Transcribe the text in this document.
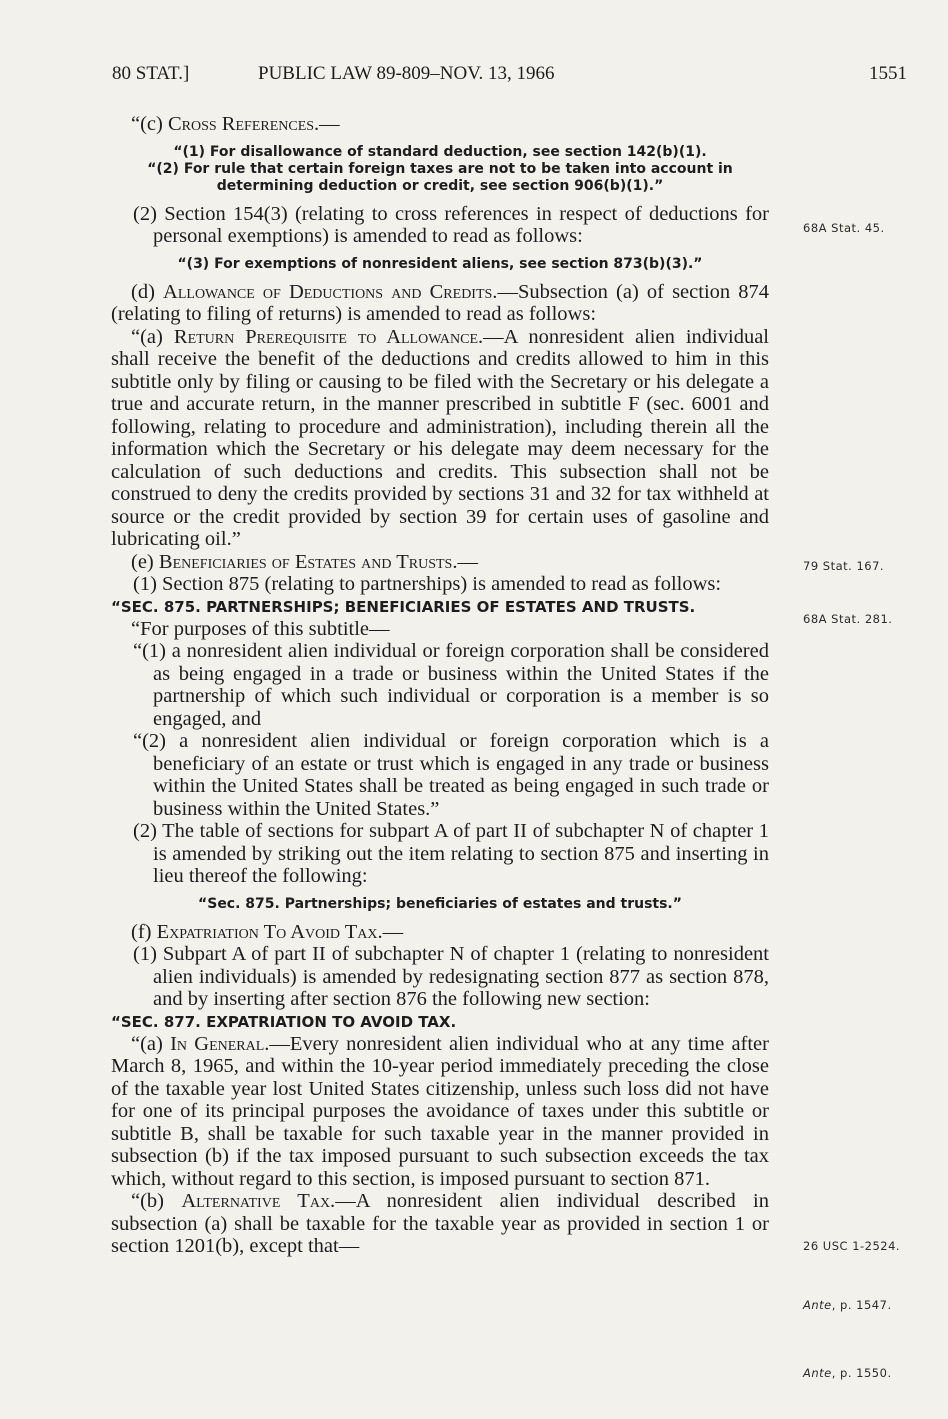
80 STAT.]	PUBLIC LAW 89-809–NOV. 13, 1966	1551

“(c) Cross References.—

“(1) For disallowance of standard deduction, see section 142(b)(1).
“(2) For rule that certain foreign taxes are not to be taken into account in determining deduction or credit, see section 906(b)(1).”

(2) Section 154(3) (relating to cross references in respect of deductions for personal exemptions) is amended to read as follows:

“(3) For exemptions of nonresident aliens, see section 873(b)(3).”

(d) Allowance of Deductions and Credits.—Subsection (a) of section 874 (relating to filing of returns) is amended to read as follows:

“(a) Return Prerequisite to Allowance.—A nonresident alien individual shall receive the benefit of the deductions and credits allowed to him in this subtitle only by filing or causing to be filed with the Secretary or his delegate a true and accurate return, in the manner prescribed in subtitle F (sec. 6001 and following, relating to procedure and administration), including therein all the information which the Secretary or his delegate may deem necessary for the calculation of such deductions and credits. This subsection shall not be construed to deny the credits provided by sections 31 and 32 for tax withheld at source or the credit provided by section 39 for certain uses of gasoline and lubricating oil.”

(e) Beneficiaries of Estates and Trusts.—

(1) Section 875 (relating to partnerships) is amended to read as follows:

“SEC. 875. PARTNERSHIPS; BENEFICIARIES OF ESTATES AND TRUSTS.

“For purposes of this subtitle—

“(1) a nonresident alien individual or foreign corporation shall be considered as being engaged in a trade or business within the United States if the partnership of which such individual or corporation is a member is so engaged, and

“(2) a nonresident alien individual or foreign corporation which is a beneficiary of an estate or trust which is engaged in any trade or business within the United States shall be treated as being engaged in such trade or business within the United States.”

(2) The table of sections for subpart A of part II of subchapter N of chapter 1 is amended by striking out the item relating to section 875 and inserting in lieu thereof the following:

“Sec. 875. Partnerships; beneficiaries of estates and trusts.”

(f) Expatriation To Avoid Tax.—

(1) Subpart A of part II of subchapter N of chapter 1 (relating to nonresident alien individuals) is amended by redesignating section 877 as section 878, and by inserting after section 876 the following new section:

“SEC. 877. EXPATRIATION TO AVOID TAX.

“(a) In General.—Every nonresident alien individual who at any time after March 8, 1965, and within the 10-year period immediately preceding the close of the taxable year lost United States citizenship, unless such loss did not have for one of its principal purposes the avoidance of taxes under this subtitle or subtitle B, shall be taxable for such taxable year in the manner provided in subsection (b) if the tax imposed pursuant to such subsection exceeds the tax which, without regard to this section, is imposed pursuant to section 871.

“(b) Alternative Tax.—A nonresident alien individual described in subsection (a) shall be taxable for the taxable year as provided in section 1 or section 1201(b), except that—

68A Stat. 45.
79 Stat. 167.
68A Stat. 281.
26 USC 1-2524.
Ante, p. 1547.
Ante, p. 1550.
